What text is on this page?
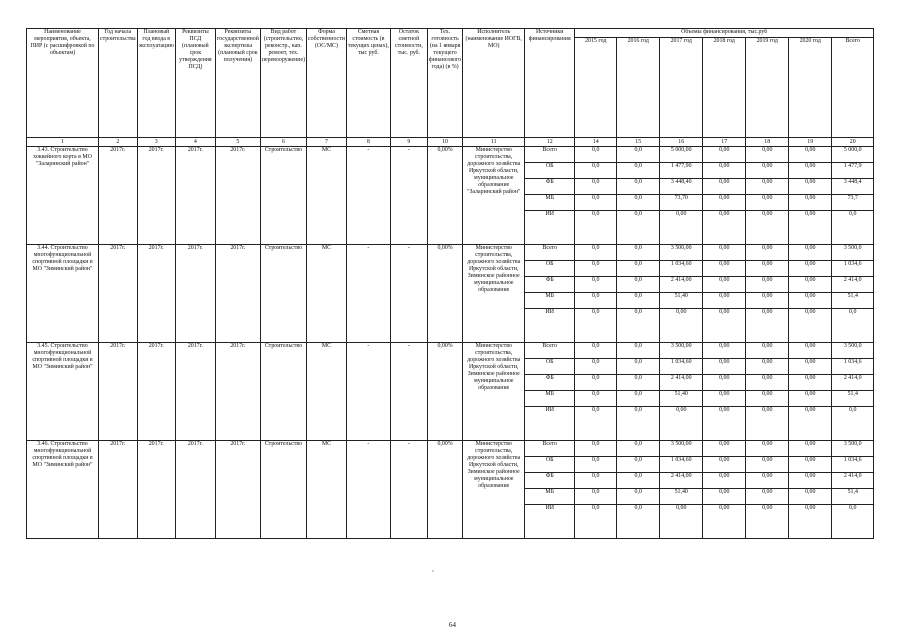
Наименование мероприятия, объекта, ПИР (с расшифровкой по объектам)	Год начала строительства	Плановый год ввода в эксплуатацию	Реквизиты ПСД (плановый срок утверждения ПСД)	Реквизиты государственной экспертизы (плановый срок получения)	Вид работ (строительство, реконстр., кап. ремонт, тех. перевооружение)	Форма собственности (ОС/МС)	Сметная стоимость (в текущих ценах), тыс руб.	Остаток сметной стоимости, тыс. руб.	Тех. готовность (на 1 января текущего финансового года) (в %)	Исполнитель (наименование ИОГВ, МО)	Источники финансирования	Объемы финансирования, тыс.руб						
												2015 год	2016 год	2017 год	2018 год	2019 год	2020 год	Всего
1	2	3	4	5	6	7	8	9	10	11	12	14	15	16	17	18	19	20
3.43. Строительство хоккейного корта в МО "Заларинский район"	2017г.	2017г.	2017г.	2017г.	Строительство	МС	-	-	0,00%	Министерство строительства, дорожного хозяйства Иркутской области, муниципальное образование "Заларинский район"	Всего	0,0	0,0	5 000,00	0,00	0,00	0,00	5 000,0
											ОБ	0,0	0,0	1 477,90	0,00	0,00	0,00	1 477,9
											ФБ	0,0	0,0	3 448,40	0,00	0,00	0,00	3 448,4
											МБ	0,0	0,0	73,70	0,00	0,00	0,00	73,7
											ИИ	0,0	0,0	0,00	0,00	0,00	0,00	0,0
3.44. Строительство многофункциональной спортивной площадки в МО "Зиминский район"	2017г.	2017г.	2017г.	2017г.	Строительство	МС	-	-	0,00%	Министерство строительства, дорожного хозяйства Иркутской области, Зиминское районное муниципальное образование	Всего	0,0	0,0	3 500,00	0,00	0,00	0,00	3 500,0
											ОБ	0,0	0,0	1 034,60	0,00	0,00	0,00	1 034,6
											ФБ	0,0	0,0	2 414,00	0,00	0,00	0,00	2 414,0
											МБ	0,0	0,0	51,40	0,00	0,00	0,00	51,4
											ИИ	0,0	0,0	0,00	0,00	0,00	0,00	0,0
3.45. Строительство многофункциональной спортивной площадки в МО "Зиминский район"	2017г.	2017г.	2017г.	2017г.	Строительство	МС	-	-	0,00%	Министерство строительства, дорожного хозяйства Иркутской области, Зиминское районное муниципальное образование	Всего	0,0	0,0	3 500,00	0,00	0,00	0,00	3 500,0
											ОБ	0,0	0,0	1 034,60	0,00	0,00	0,00	1 034,6
											ФБ	0,0	0,0	2 414,00	0,00	0,00	0,00	2 414,0
											МБ	0,0	0,0	51,40	0,00	0,00	0,00	51,4
											ИИ	0,0	0,0	0,00	0,00	0,00	0,00	0,0
3.46. Строительство многофункциональной спортивной площадки в МО "Зиминский район"	2017г.	2017г.	2017г.	2017г.	Строительство	МС	-	-	0,00%	Министерство строительства, дорожного хозяйства Иркутской области, Зиминское районное муниципальное образование	Всего	0,0	0,0	3 500,00	0,00	0,00	0,00	3 500,0
											ОБ	0,0	0,0	1 034,60	0,00	0,00	0,00	1 034,6
											ФБ	0,0	0,0	2 414,00	0,00	0,00	0,00	2 414,0
											МБ	0,0	0,0	51,40	0,00	0,00	0,00	51,4
											ИИ	0,0	0,0	0,00	0,00	0,00	0,00	0,0
64
